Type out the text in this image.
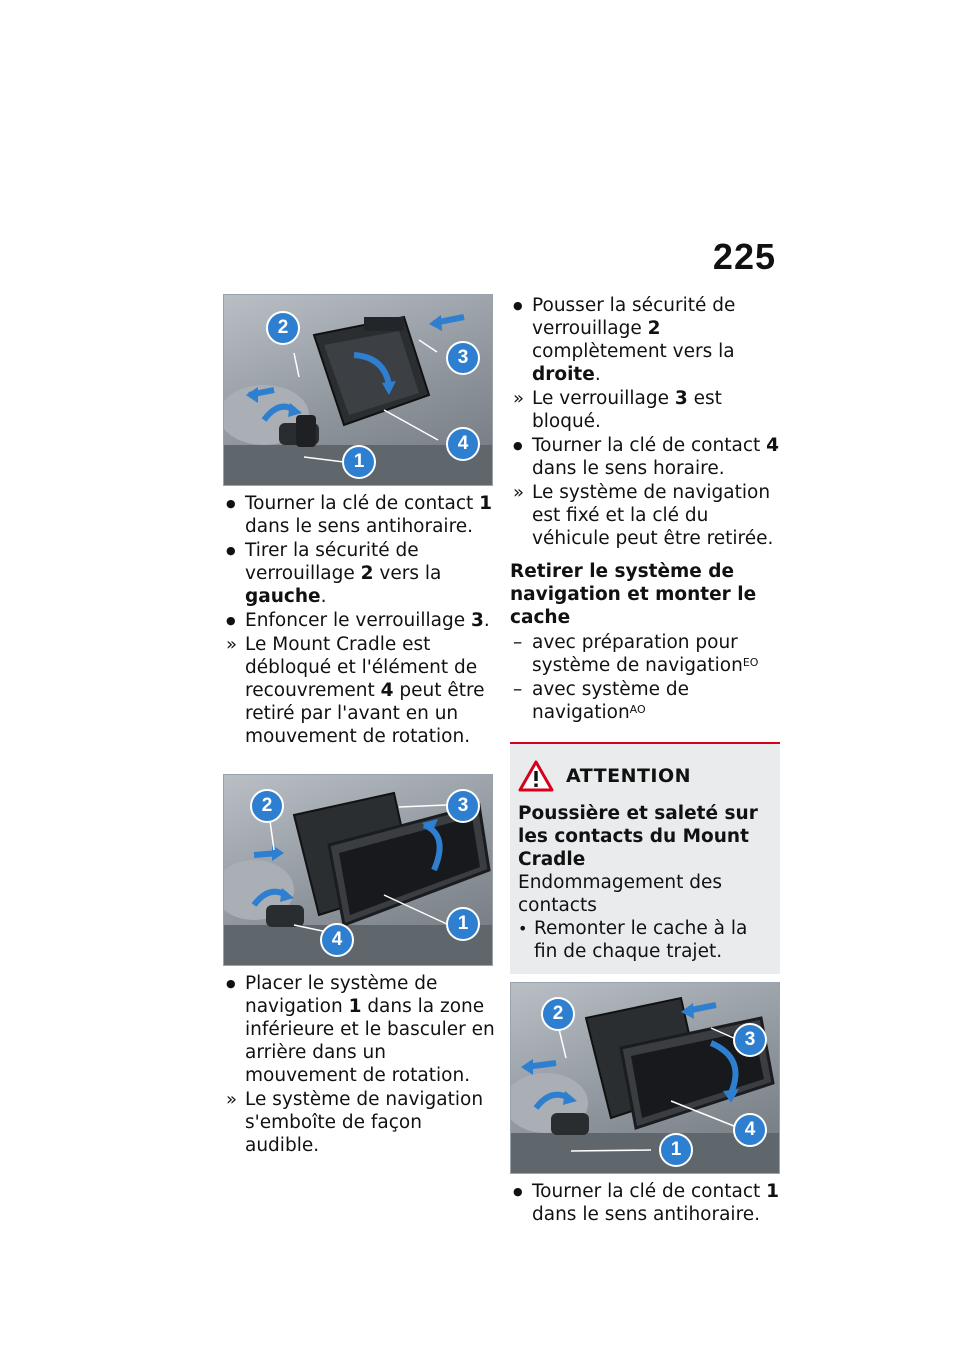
225
2
3
4
1
● Tourner la clé de contact 1 dans le sens antihoraire.
● Tirer la sécurité de verrouillage 2 vers la gauche.
● Enfoncer le verrouillage 3.
» Le Mount Cradle est débloqué et l'élément de recouvrement 4 peut être retiré par l'avant en un mouvement de rotation.
2	3
4
1
● Placer le système de navigation 1 dans la zone inférieure et le basculer en arrière dans un mouvement de rotation.
» Le système de navigation s'emboîte de façon audible.
● Pousser la sécurité de verrouillage 2 complètement vers la droite.
» Le verrouillage 3 est bloqué.
● Tourner la clé de contact 4 dans le sens horaire.
» Le système de navigation est fixé et la clé du véhicule peut être retirée.
Retirer le système de navigation et monter le cache
– avec préparation pour système de navigation$^{EO}$
– avec système de navigation$^{AO}$
ATTENTION
Poussière et saleté sur les contacts du Mount Cradle
Endommagement des contacts
• Remonter le cache à la fin de chaque trajet.
2
3
4
1
● Tourner la clé de contact 1 dans le sens antihoraire.
